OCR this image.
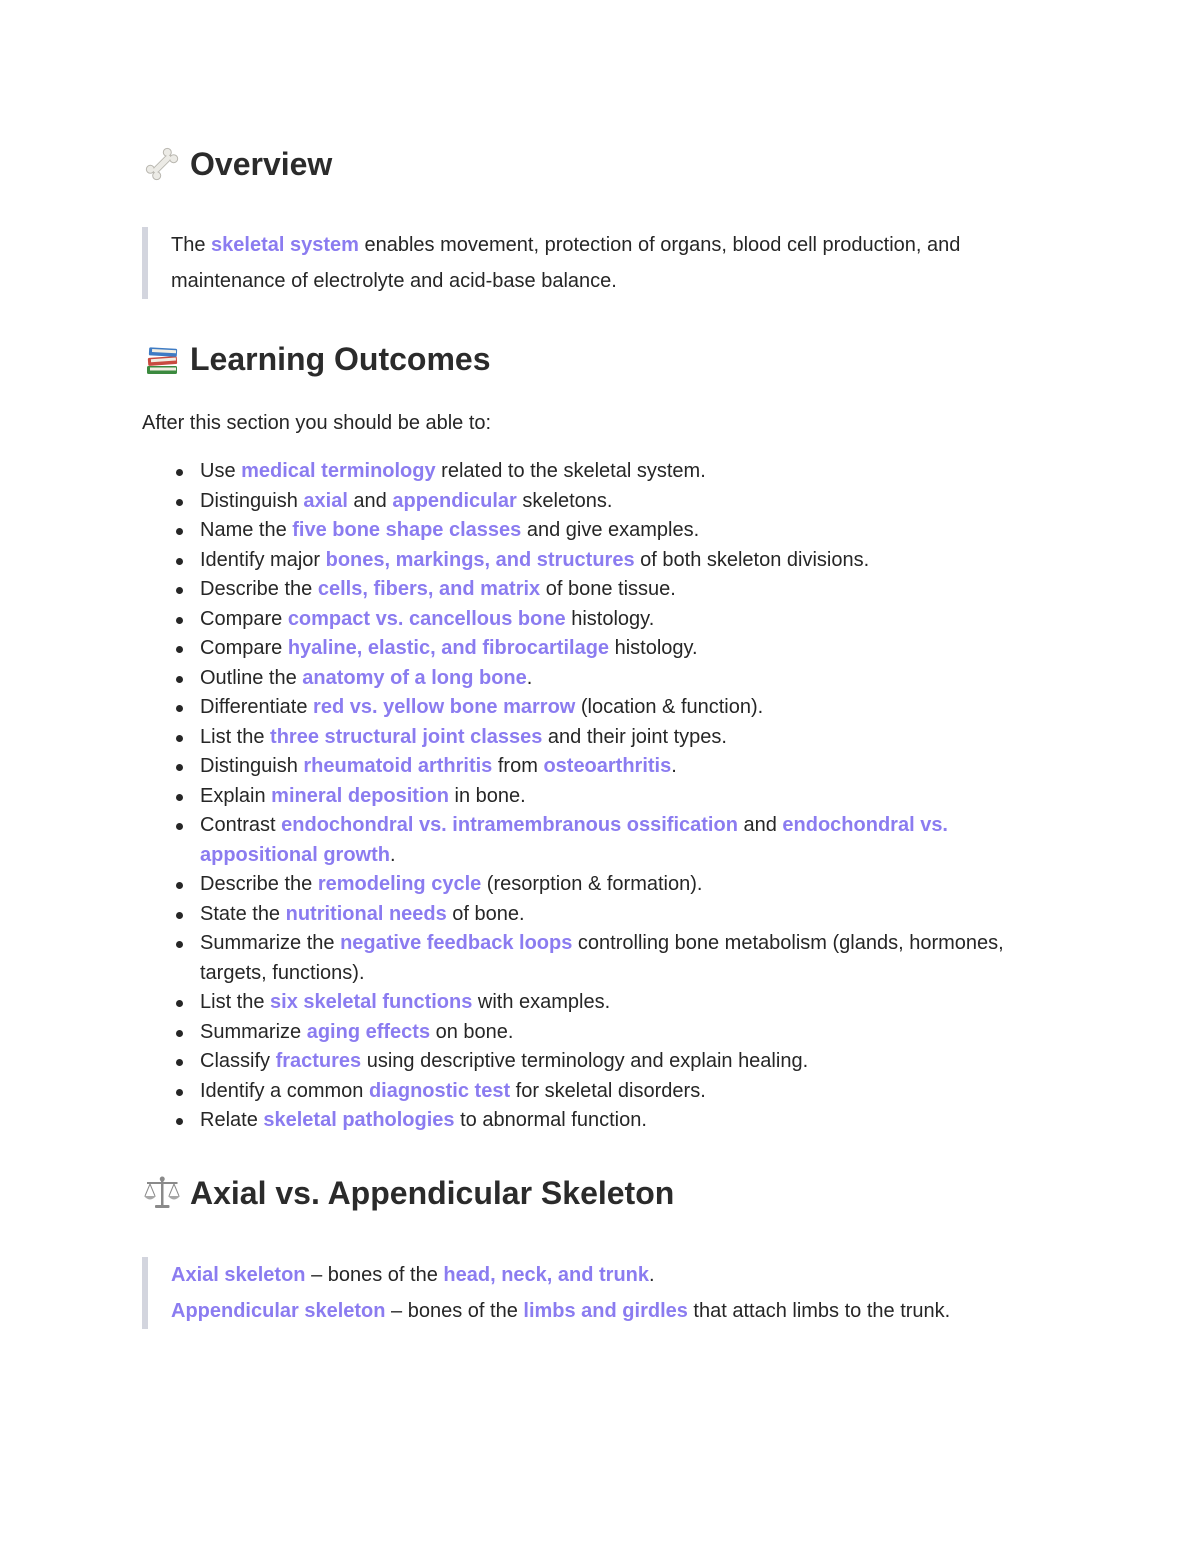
Overview

The skeletal system enables movement, protection of organs, blood cell production, and maintenance of electrolyte and acid-base balance.

Learning Outcomes
After this section you should be able to:
Use medical terminology related to the skeletal system.
Distinguish axial and appendicular skeletons.
Name the five bone shape classes and give examples.
Identify major bones, markings, and structures of both skeleton divisions.
Describe the cells, fibers, and matrix of bone tissue.
Compare compact vs. cancellous bone histology.
Compare hyaline, elastic, and fibrocartilage histology.
Outline the anatomy of a long bone.
Differentiate red vs. yellow bone marrow (location & function).
List the three structural joint classes and their joint types.
Distinguish rheumatoid arthritis from osteoarthritis.
Explain mineral deposition in bone.
Contrast endochondral vs. intramembranous ossification and endochondral vs. appositional growth.
Describe the remodeling cycle (resorption & formation).
State the nutritional needs of bone.
Summarize the negative feedback loops controlling bone metabolism (glands, hormones, targets, functions).
List the six skeletal functions with examples.
Summarize aging effects on bone.
Classify fractures using descriptive terminology and explain healing.
Identify a common diagnostic test for skeletal disorders.
Relate skeletal pathologies to abnormal function.
Axial vs. Appendicular Skeleton

Axial skeleton – bones of the head, neck, and trunk.

Appendicular skeleton – bones of the limbs and girdles that attach limbs to the trunk.
